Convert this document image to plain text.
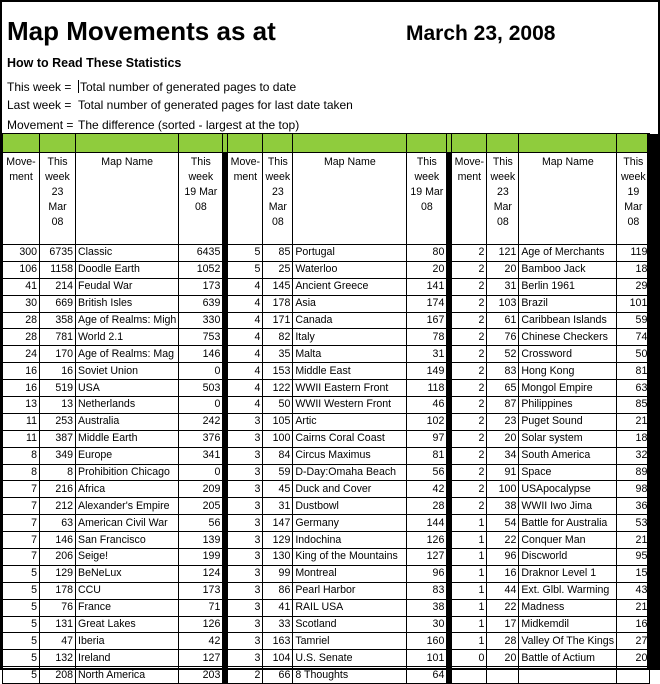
Map Movements as at	March 23, 2008
How to Read These Statistics
This week = Total number of generated pages to date
Last week = Total number of generated pages for last date taken
Movement = The difference (sorted - largest at the top)

Move- ment	This week 23 Mar 08	Map Name	This week 19 Mar 08		Move- ment	This week 23 Mar 08	Map Name	This week 19 Mar 08		Move- ment	This week 23 Mar 08	Map Name	This week 19 Mar 08
300	6735	Classic	6435		5	85	Portugal	80		2	121	Age of Merchants	119
106	1158	Doodle Earth	1052		5	25	Waterloo	20		2	20	Bamboo Jack	18
41	214	Feudal War	173		4	145	Ancient Greece	141		2	31	Berlin 1961	29
30	669	British Isles	639		4	178	Asia	174		2	103	Brazil	101
28	358	Age of Realms: Migh	330		4	171	Canada	167		2	61	Caribbean Islands	59
28	781	World 2.1	753		4	82	Italy	78		2	76	Chinese Checkers	74
24	170	Age of Realms: Mag	146		4	35	Malta	31		2	52	Crossword	50
16	16	Soviet Union	0		4	153	Middle East	149		2	83	Hong Kong	81
16	519	USA	503		4	122	WWII Eastern Front	118		2	65	Mongol Empire	63
13	13	Netherlands	0		4	50	WWII Western Front	46		2	87	Philippines	85
11	253	Australia	242		3	105	Artic	102		2	23	Puget Sound	21
11	387	Middle Earth	376		3	100	Cairns Coral Coast	97		2	20	Solar system	18
8	349	Europe	341		3	84	Circus Maximus	81		2	34	South America	32
8	8	Prohibition Chicago	0		3	59	D-Day:Omaha Beach	56		2	91	Space	89
7	216	Africa	209		3	45	Duck and Cover	42		2	100	USApocalypse	98
7	212	Alexander's Empire	205		3	31	Dustbowl	28		2	38	WWII Iwo Jima	36
7	63	American Civil War	56		3	147	Germany	144		1	54	Battle for Australia	53
7	146	San Francisco	139		3	129	Indochina	126		1	22	Conquer Man	21
7	206	Seige!	199		3	130	King of the Mountains	127		1	96	Discworld	95
5	129	BeNeLux	124		3	99	Montreal	96		1	16	Draknor Level 1	15
5	178	CCU	173		3	86	Pearl Harbor	83		1	44	Ext. Glbl. Warming	43
5	76	France	71		3	41	RAIL USA	38		1	22	Madness	21
5	131	Great Lakes	126		3	33	Scotland	30		1	17	Midkemdil	16
5	47	Iberia	42		3	163	Tamriel	160		1	28	Valley Of The Kings	27
5	132	Ireland	127		3	104	U.S. Senate	101		0	20	Battle of Actium	20
5	208	North America	203		2	66	8 Thoughts	64					
